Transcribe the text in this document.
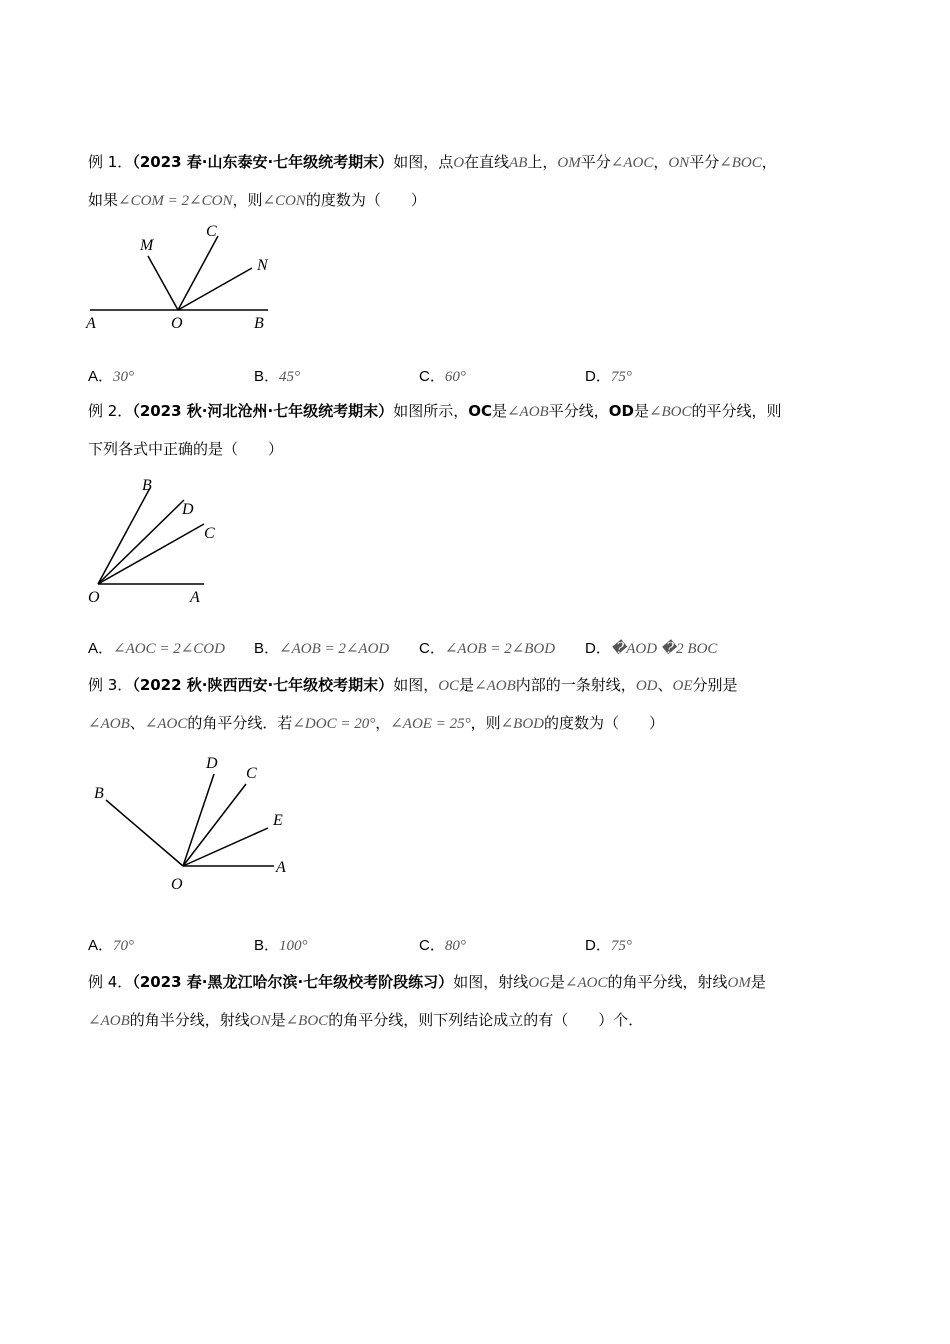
例 1．（2023 春·山东泰安·七年级统考期末）如图，点O在直线AB上，OM平分∠AOC，ON平分∠BOC，
如果∠COM = 2∠CON，则∠CON的度数为（　　）
M
C
N
A	O	B
A．30°	B．45°	C．60°	D．75°
例 2．（2023 秋·河北沧州·七年级统考期末）如图所示，OC是∠AOB平分线，OD是∠BOC的平分线，则
下列各式中正确的是（　　）
B
D
C
O	A
A．∠AOC = 2∠COD B．∠AOB = 2∠AOD C．∠AOB = 2∠BOD D．�AOD �2 BOC
例 3．（2022 秋·陕西西安·七年级校考期末）如图，OC是∠AOB内部的一条射线，OD、OE分别是
∠AOB、∠AOC的角平分线．若∠DOC = 20°，∠AOE = 25°，则∠BOD的度数为（　　）
D
C
B
E
A
O
A．70°	B．100°	C．80°	D．75°
例 4．（2023 春·黑龙江哈尔滨·七年级校考阶段练习）如图，射线OG是∠AOC的角平分线，射线OM是
∠AOB的角半分线，射线ON是∠BOC的角平分线，则下列结论成立的有（　　）个．
